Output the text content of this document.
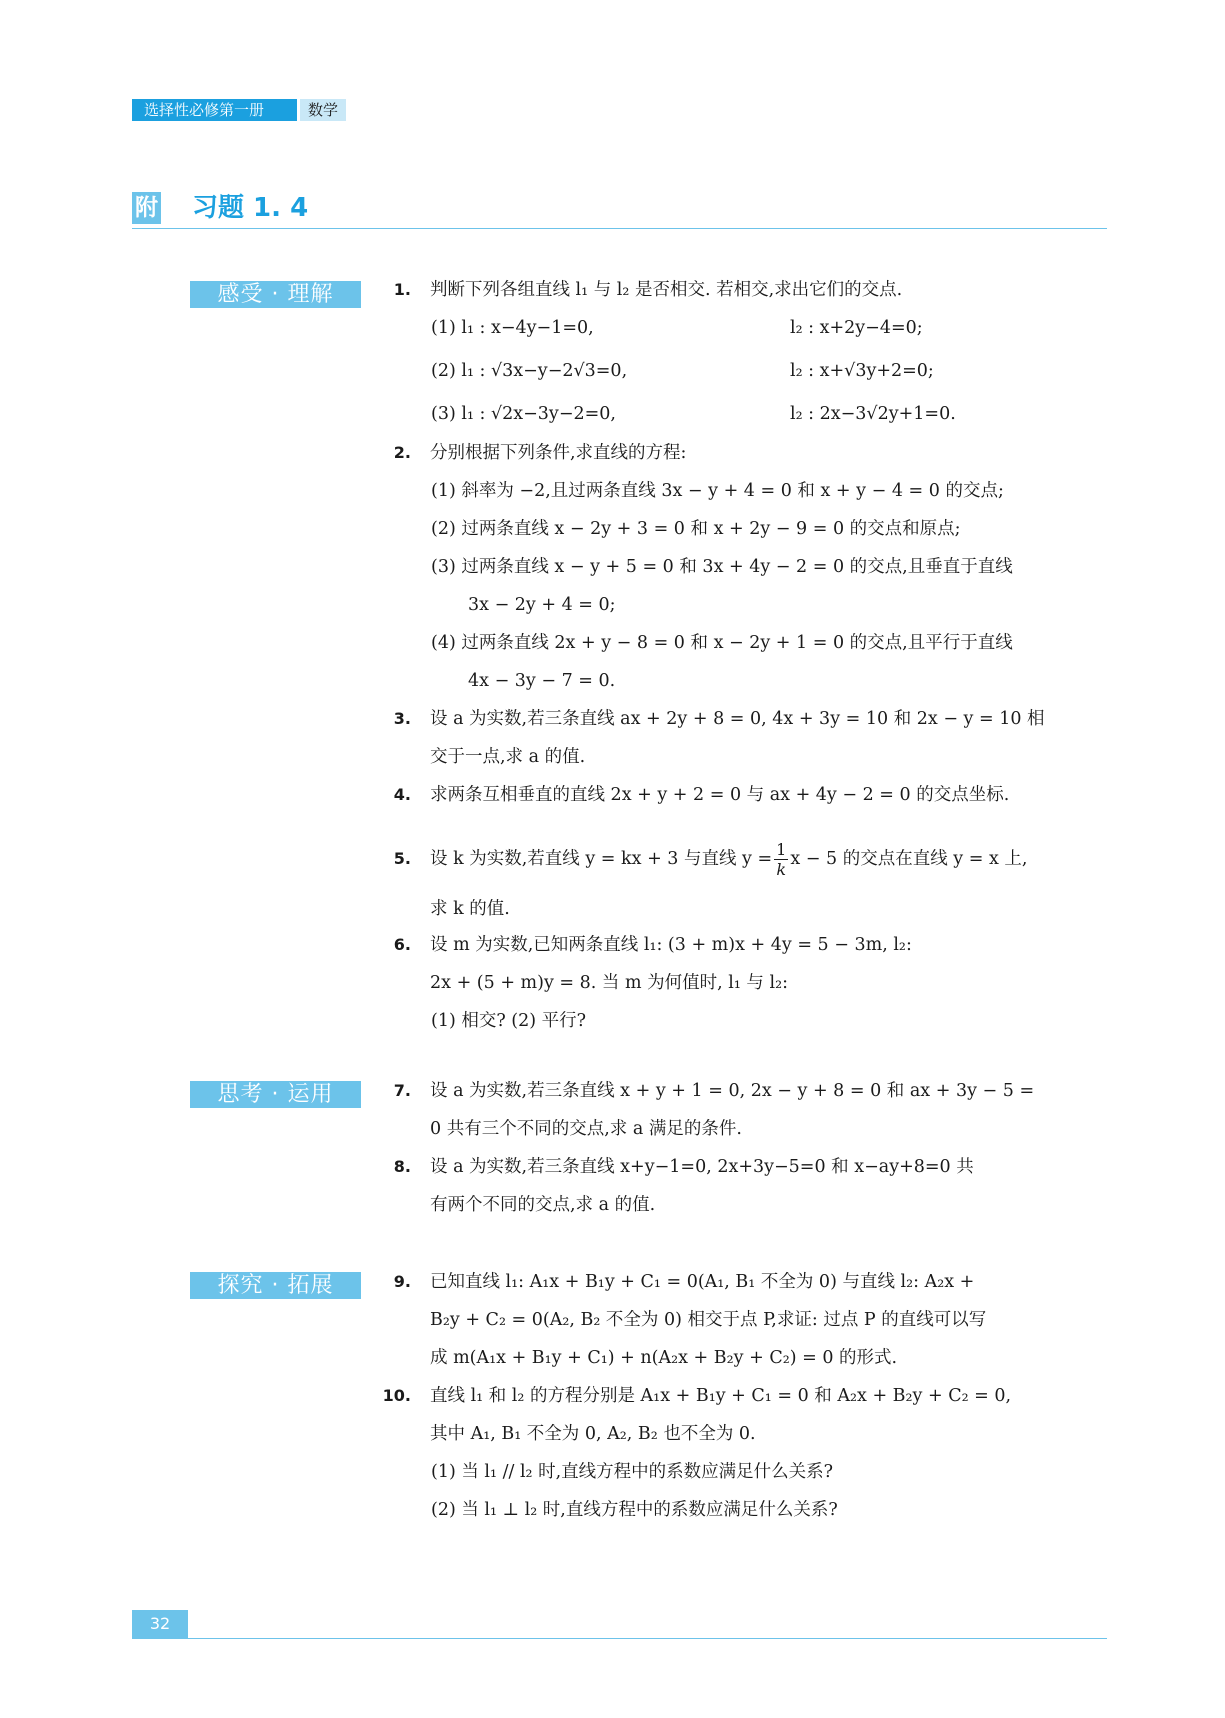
选择性必修第一册	数学
附 习题 1. 4
感受 · 理解
思考 · 运用
探究 · 拓展
1. 判断下列各组直线 l₁ 与 l₂ 是否相交. 若相交,求出它们的交点.
(1) l₁ : x−4y−1=0,	l₂ : x+2y−4=0;
(2) l₁ : √3x−y−2√3=0,	l₂ : x+√3y+2=0;
(3) l₁ : √2x−3y−2=0,	l₂ : 2x−3√2y+1=0.
2. 分别根据下列条件,求直线的方程:
(1) 斜率为 −2,且过两条直线 3x − y + 4 = 0 和 x + y − 4 = 0 的交点;
(2) 过两条直线 x − 2y + 3 = 0 和 x + 2y − 9 = 0 的交点和原点;
(3) 过两条直线 x − y + 5 = 0 和 3x + 4y − 2 = 0 的交点,且垂直于直线
3x − 2y + 4 = 0;
(4) 过两条直线 2x + y − 8 = 0 和 x − 2y + 1 = 0 的交点,且平行于直线
4x − 3y − 7 = 0.
3. 设 a 为实数,若三条直线 ax + 2y + 8 = 0, 4x + 3y = 10 和 2x − y = 10 相
交于一点,求 a 的值.
4. 求两条互相垂直的直线 2x + y + 2 = 0 与 ax + 4y − 2 = 0 的交点坐标.
5. 设 k 为实数,若直线 y = kx + 3 与直线 $y = \frac{1}{k}$ x − 5 的交点在直线 y = x 上,
求 k 的值.
6. 设 m 为实数,已知两条直线 l₁: (3 + m)x + 4y = 5 − 3m, l₂:
2x + (5 + m)y = 8. 当 m 为何值时, l₁ 与 l₂:
(1) 相交? (2) 平行?
7. 设 a 为实数,若三条直线 x + y + 1 = 0, 2x − y + 8 = 0 和 ax + 3y − 5 =
0 共有三个不同的交点,求 a 满足的条件.
8. 设 a 为实数,若三条直线 x+y−1=0, 2x+3y−5=0 和 x−ay+8=0 共
有两个不同的交点,求 a 的值.
9. 已知直线 l₁: A₁x + B₁y + C₁ = 0(A₁, B₁ 不全为 0) 与直线 l₂: A₂x +
B₂y + C₂ = 0(A₂, B₂ 不全为 0) 相交于点 P,求证: 过点 P 的直线可以写
成 m(A₁x + B₁y + C₁) + n(A₂x + B₂y + C₂) = 0 的形式.
10. 直线 l₁ 和 l₂ 的方程分别是 A₁x + B₁y + C₁ = 0 和 A₂x + B₂y + C₂ = 0,
其中 A₁, B₁ 不全为 0, A₂, B₂ 也不全为 0.
(1) 当 l₁ // l₂ 时,直线方程中的系数应满足什么关系?
(2) 当 l₁ ⊥ l₂ 时,直线方程中的系数应满足什么关系?
32
